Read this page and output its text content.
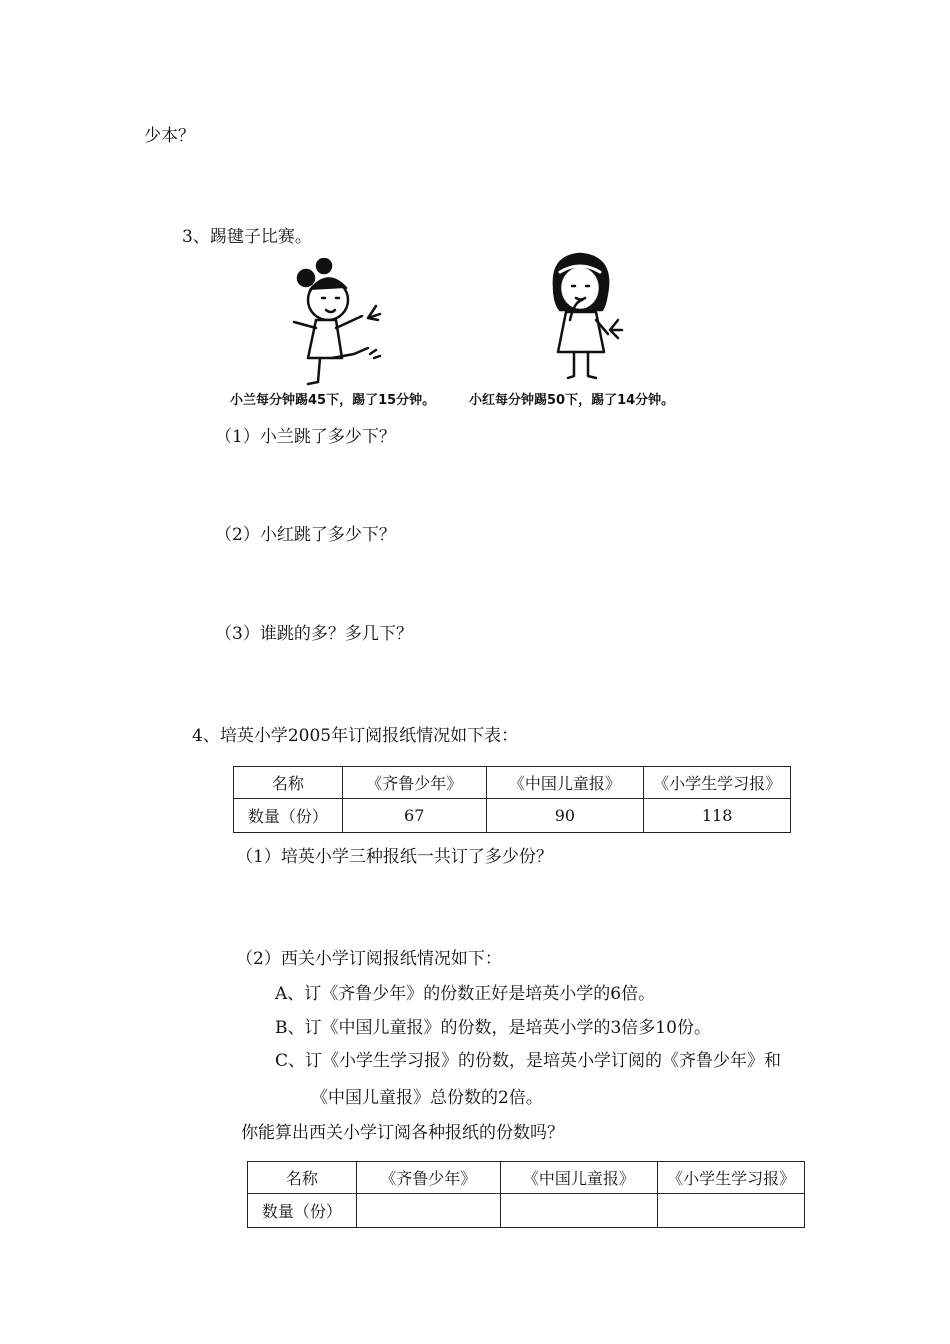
少本？
3、踢毽子比赛。
小兰每分钟踢45下，踢了15分钟。	小红每分钟踢50下，踢了14分钟。
（1）小兰跳了多少下？
（2）小红跳了多少下？
（3）谁跳的多？多几下？
4、培英小学2005年订阅报纸情况如下表：
名称	《齐鲁少年》	《中国儿童报》	《小学生学习报》
数量（份）	67	90	118
（1）培英小学三种报纸一共订了多少份？
（2）西关小学订阅报纸情况如下：
A、订《齐鲁少年》的份数正好是培英小学的6倍。
B、订《中国儿童报》的份数，是培英小学的3倍多10份。
C、订《小学生学习报》的份数，是培英小学订阅的《齐鲁少年》和
《中国儿童报》总份数的2倍。
你能算出西关小学订阅各种报纸的份数吗？
名称	《齐鲁少年》	《中国儿童报》	《小学生学习报》
数量（份）			
